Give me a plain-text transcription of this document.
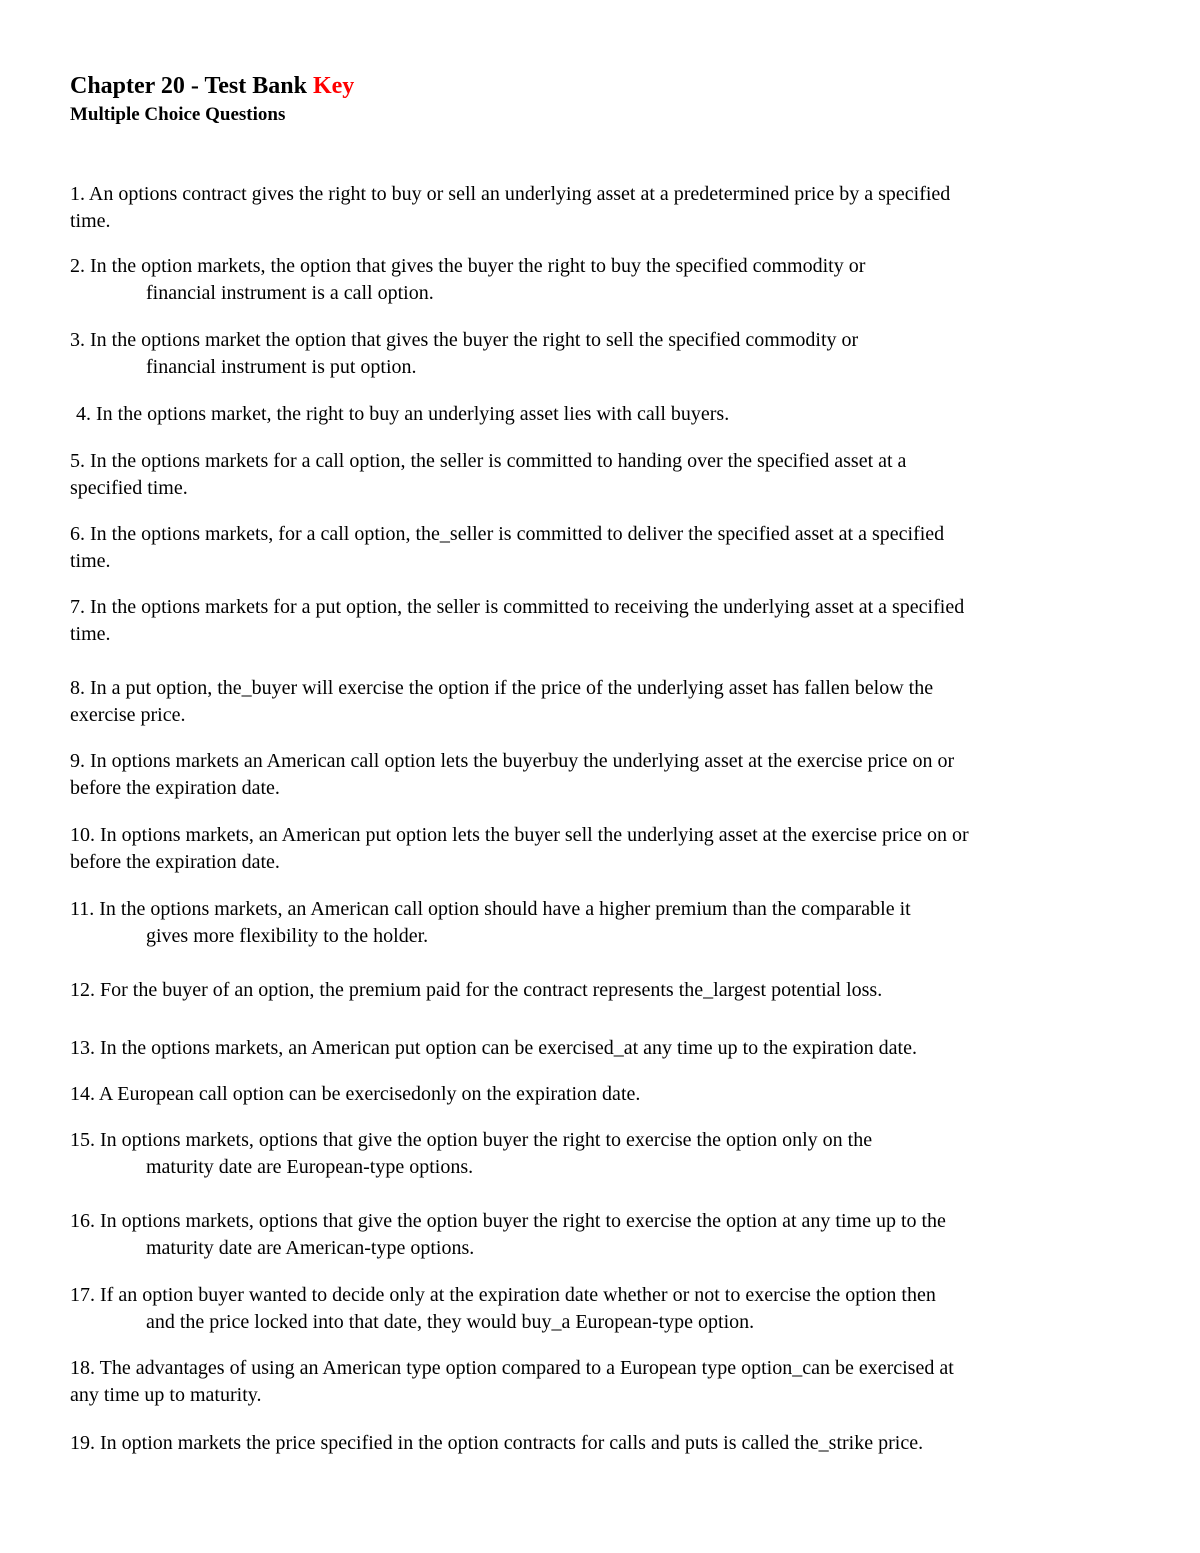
Chapter 20 - Test Bank Key
Multiple Choice Questions

1. An options contract gives the right to buy or sell an underlying asset at a predetermined price by a specified
time.

2. In the option markets, the option that gives the buyer the right to buy the specified commodity or
financial instrument is a call option.

3. In the options market the option that gives the buyer the right to sell the specified commodity or
financial instrument is put option.

4. In the options market, the right to buy an underlying asset lies with call buyers.

5. In the options markets for a call option, the seller is committed to handing over the specified asset at a
specified time.

6. In the options markets, for a call option, the_seller is committed to deliver the specified asset at a specified
time.

7. In the options markets for a put option, the seller is committed to receiving the underlying asset at a specified
time.

8. In a put option, the_buyer will exercise the option if the price of the underlying asset has fallen below the
exercise price.

9. In options markets an American call option lets the buyerbuy the underlying asset at the exercise price on or
before the expiration date.

10. In options markets, an American put option lets the buyer sell the underlying asset at the exercise price on or
before the expiration date.

11. In the options markets, an American call option should have a higher premium than the comparable it
gives more flexibility to the holder.

12. For the buyer of an option, the premium paid for the contract represents the_largest potential loss.

13. In the options markets, an American put option can be exercised_at any time up to the expiration date.

14. A European call option can be exercisedonly on the expiration date.

15. In options markets, options that give the option buyer the right to exercise the option only on the
maturity date are European-type options.

16. In options markets, options that give the option buyer the right to exercise the option at any time up to the
maturity date are American-type options.

17. If an option buyer wanted to decide only at the expiration date whether or not to exercise the option then
and the price locked into that date, they would buy_a European-type option.

18. The advantages of using an American type option compared to a European type option_can be exercised at
any time up to maturity.

19. In option markets the price specified in the option contracts for calls and puts is called the_strike price.
